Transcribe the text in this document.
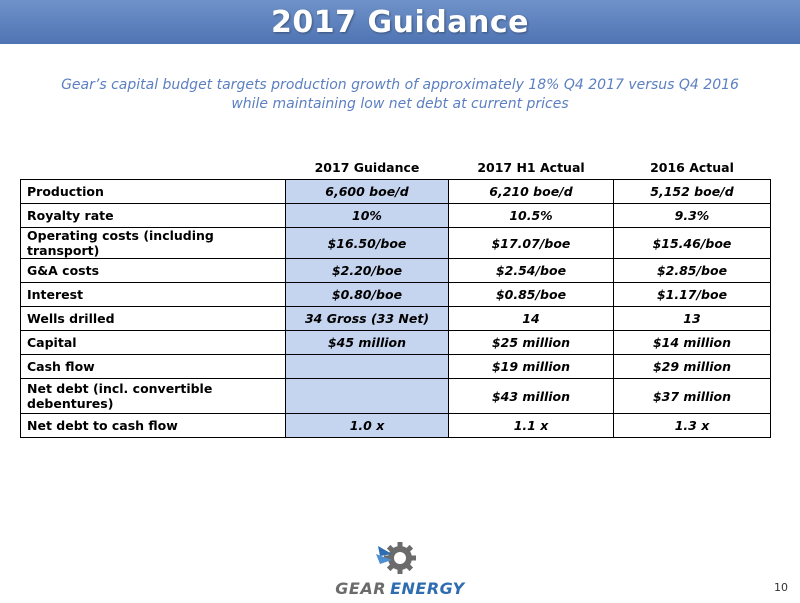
2017 Guidance
Gear’s capital budget targets production growth of approximately 18% Q4 2017 versus Q4 2016
while maintaining low net debt at current prices
	2017 Guidance	2017 H1 Actual	2016 Actual
Production	6,600 boe/d	6,210 boe/d	5,152 boe/d
Royalty rate	10%	10.5%	9.3%
Operating costs (including transport)	$16.50/boe	$17.07/boe	$15.46/boe
G&A costs	$2.20/boe	$2.54/boe	$2.85/boe
Interest	$0.80/boe	$0.85/boe	$1.17/boe
Wells drilled	34 Gross (33 Net)	14	13
Capital	$45 million	$25 million	$14 million
Cash flow		$19 million	$29 million
Net debt (incl. convertible debentures)		$43 million	$37 million
Net debt to cash flow	1.0 x	1.1 x	1.3 x
GEAR ENERGY	10
